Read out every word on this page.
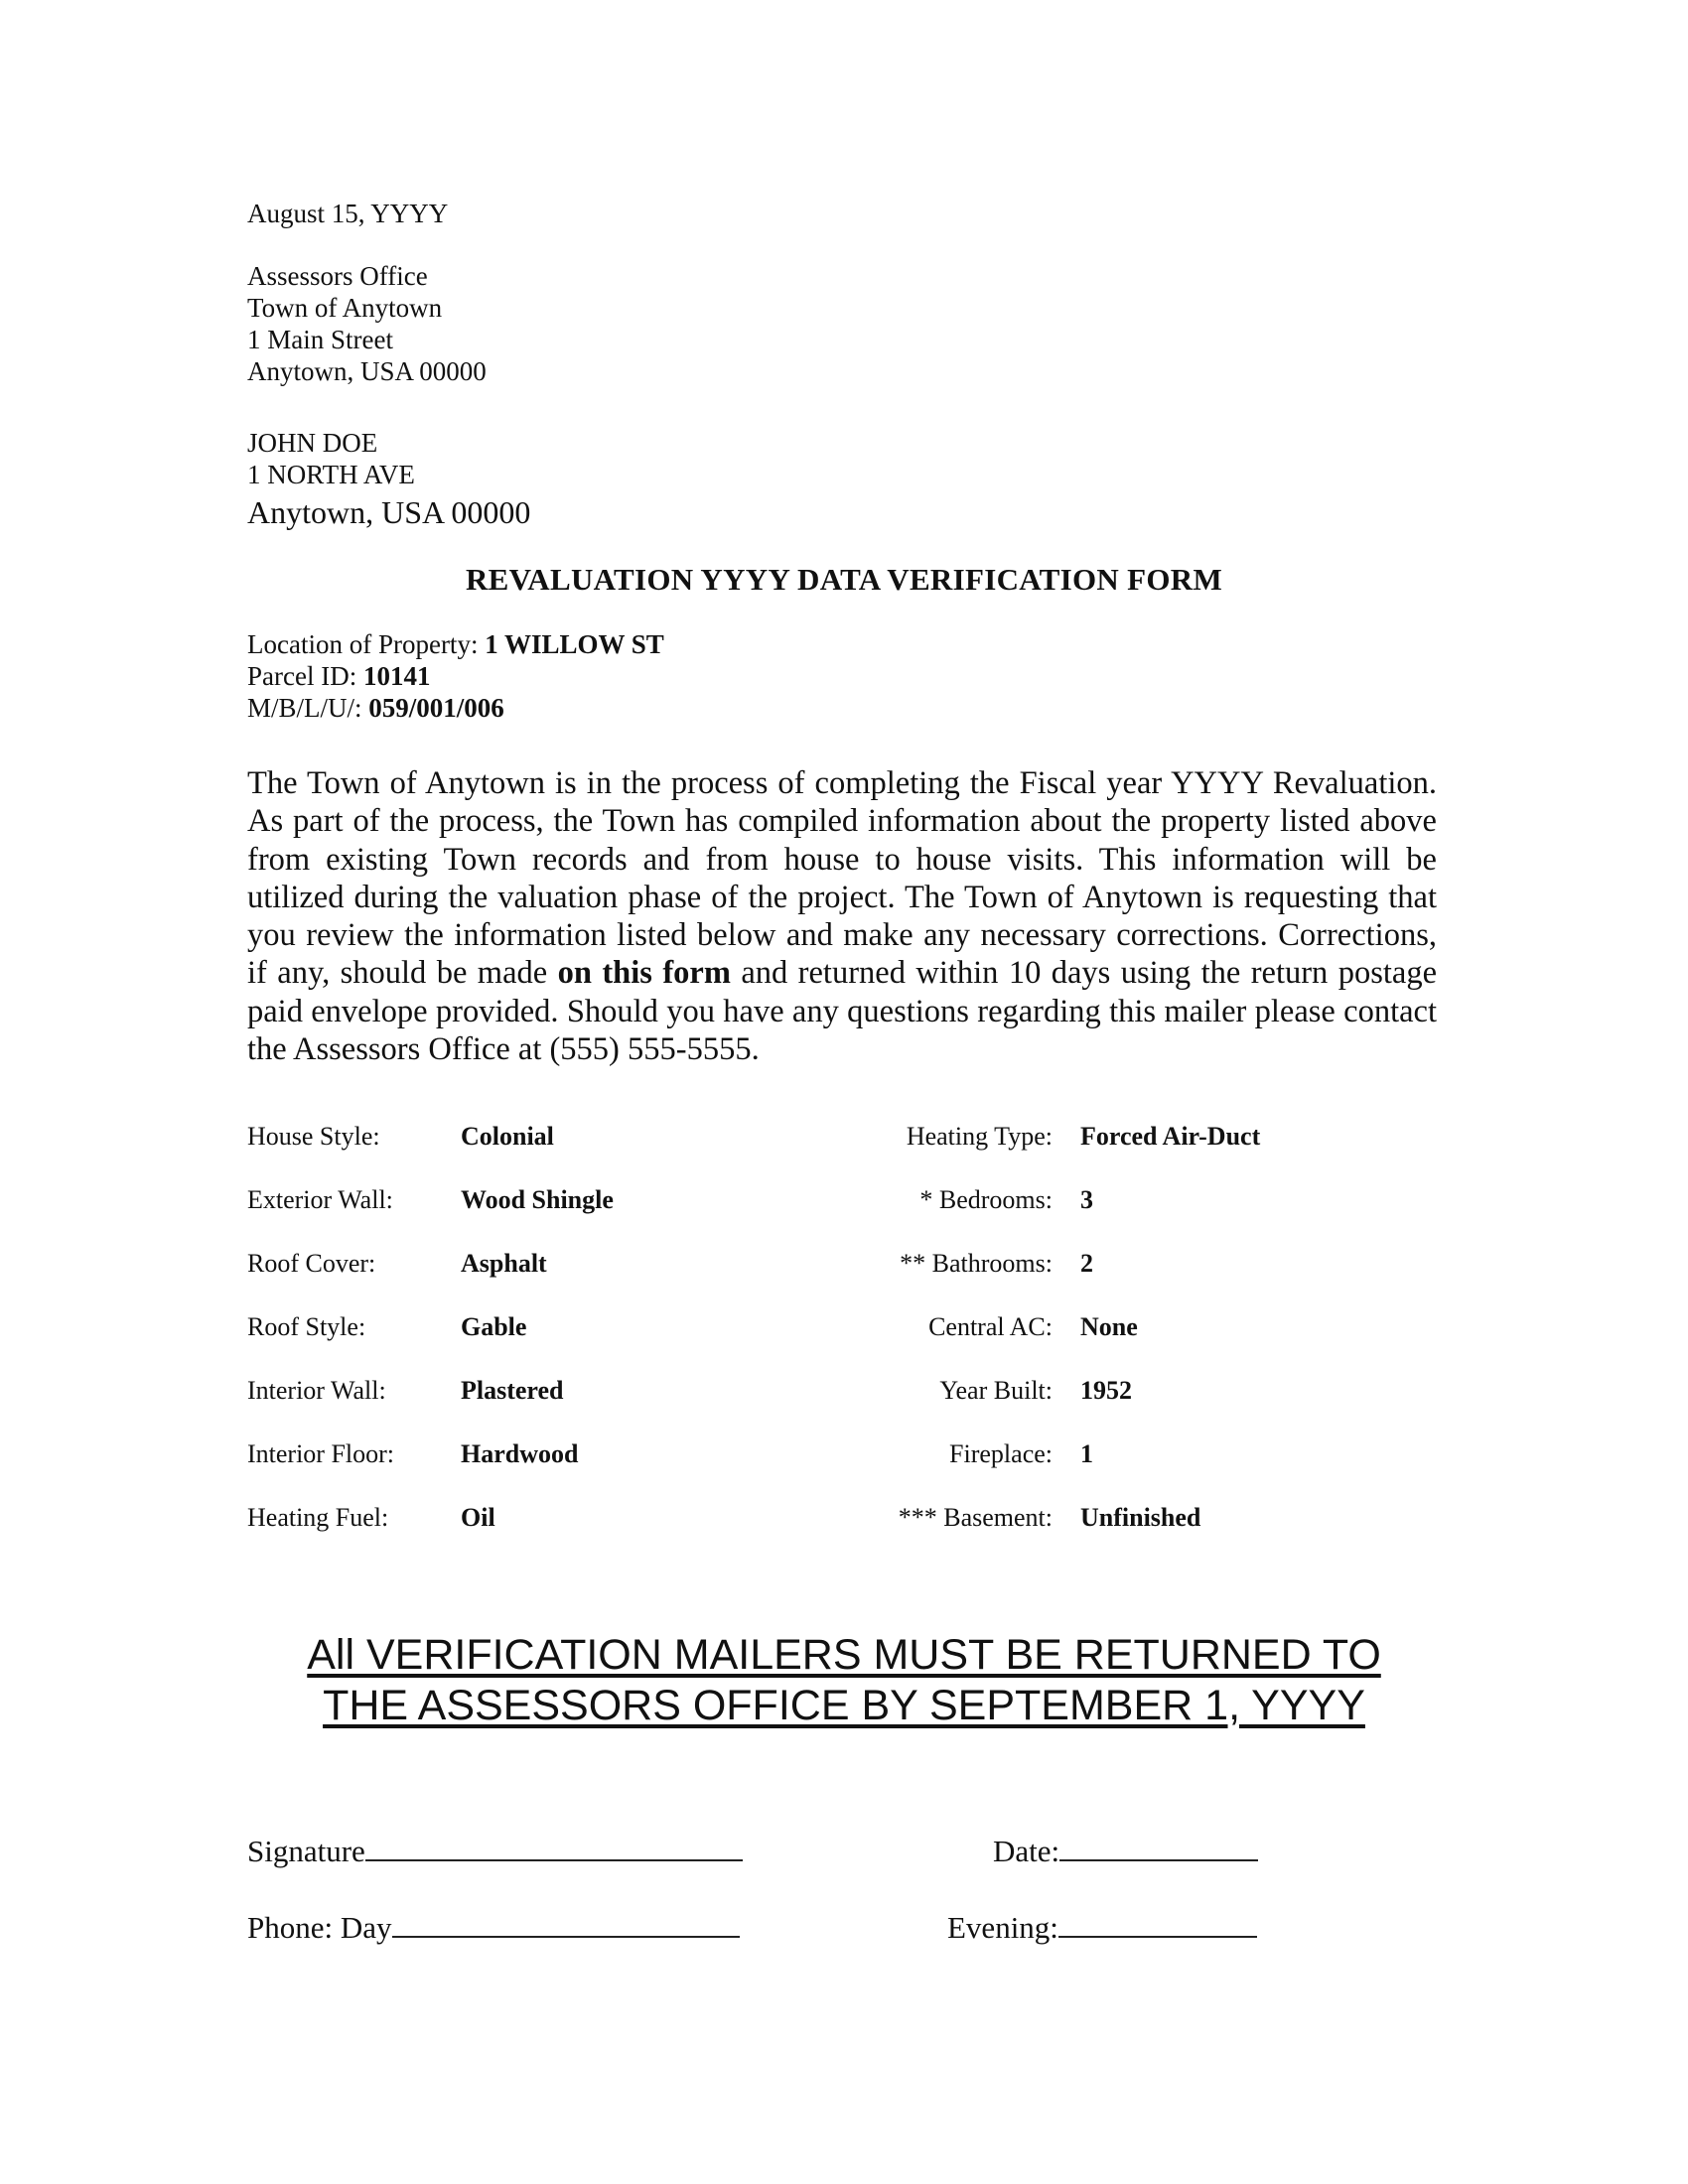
August 15, YYYY
Assessors Office
Town of Anytown
1 Main Street
Anytown, USA 00000
JOHN DOE
1 NORTH AVE
Anytown, USA 00000
REVALUATION YYYY DATA VERIFICATION FORM
Location of Property: 1 WILLOW ST
Parcel ID: 10141
M/B/L/U/: 059/001/006

The Town of Anytown is in the process of completing the Fiscal year YYYY Revaluation. As part of the process, the Town has compiled information about the property listed above from existing Town records and from house to house visits. This information will be utilized during the valuation phase of the project. The Town of Anytown is requesting that you review the information listed below and make any necessary corrections. Corrections, if any, should be made on this form and returned within 10 days using the return postage paid envelope provided. Should you have any questions regarding this mailer please contact the Assessors Office at (555) 555-5555.

House Style:	Colonial	Heating Type: Forced Air-Duct
Exterior Wall:	Wood Shingle	* Bedrooms: 3
Roof Cover:	Asphalt	** Bathrooms: 2
Roof Style:	Gable	Central AC: None
Interior Wall:	Plastered	Year Built: 1952
Interior Floor:	Hardwood	Fireplace: 1
Heating Fuel:	Oil	*** Basement: Unfinished
All VERIFICATION MAILERS MUST BE RETURNED TO
THE ASSESSORS OFFICE BY SEPTEMBER 1, YYYY
Signature	Date:
Phone: Day	Evening:
